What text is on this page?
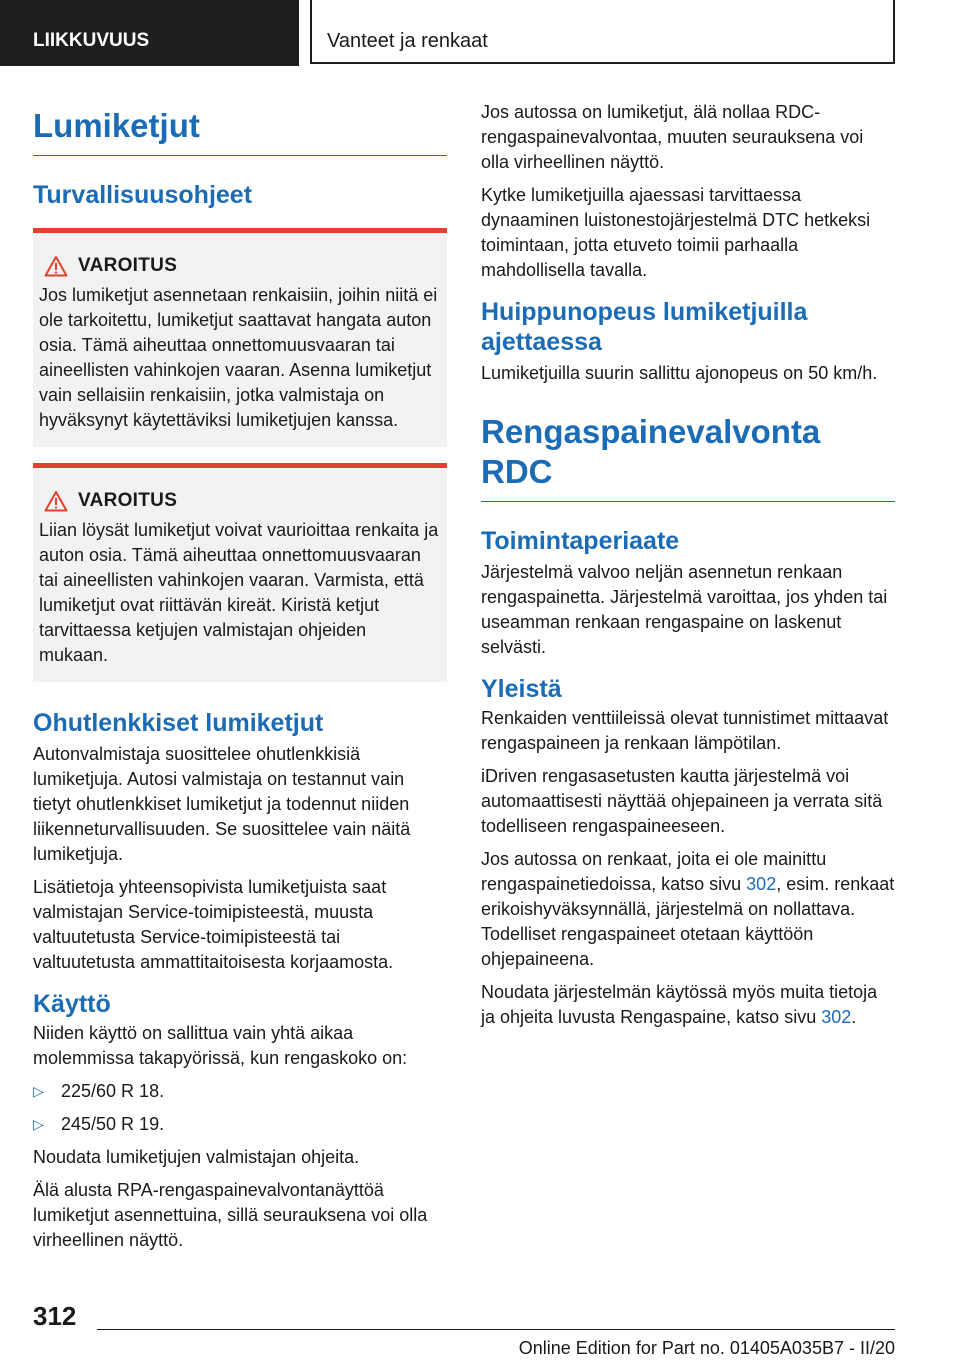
LIIKKUVUUS	Vanteet ja renkaat
Lumiketjut
Turvallisuusohjeet
VAROITUS

Jos lumiketjut asennetaan renkaisiin, joihin niitä ei ole tarkoitettu, lumiketjut saattavat hangata auton osia. Tämä aiheuttaa onnettomuusvaaran tai aineellisten vahinkojen vaaran. Asenna lumiketjut vain sellaisiin renkaisiin, jotka valmistaja on hyväksynyt käytettäviksi lumiketjujen kanssa.

VAROITUS

Liian löysät lumiketjut voivat vaurioittaa renkaita ja auton osia. Tämä aiheuttaa onnettomuusvaaran tai aineellisten vahinkojen vaaran. Varmista, että lumiketjut ovat riittävän kireät. Kiristä ketjut tarvittaessa ketjujen valmistajan ohjeiden mukaan.

Ohutlenkkiset lumiketjut

Autonvalmistaja suosittelee ohutlenkkisiä lumiketjuja. Autosi valmistaja on testannut vain tietyt ohutlenkkiset lumiketjut ja todennut niiden liikenneturvallisuuden. Se suosittelee vain näitä lumiketjuja.

Lisätietoja yhteensopivista lumiketjuista saat valmistajan Service-toimipisteestä, muusta valtuutetusta Service-toimipisteestä tai valtuutetusta ammattitaitoisesta korjaamosta.

Käyttö

Niiden käyttö on sallittua vain yhtä aikaa molemmissa takapyörissä, kun rengaskoko on:

▷ 225/60 R 18.
▷ 245/50 R 19.

Noudata lumiketjujen valmistajan ohjeita.

Älä alusta RPA-rengaspainevalvontanäyttöä lumiketjut asennettuina, sillä seurauksena voi olla virheellinen näyttö.

Jos autossa on lumiketjut, älä nollaa RDC-rengaspainevalvontaa, muuten seurauksena voi olla virheellinen näyttö.

Kytke lumiketjuilla ajaessasi tarvittaessa dynaaminen luistonestojärjestelmä DTC hetkeksi toimintaan, jotta etuveto toimii parhaalla mahdollisella tavalla.

Huippunopeus lumiketjuilla ajettaessa

Lumiketjuilla suurin sallittu ajonopeus on 50 km/h.

Rengaspainevalvonta RDC
Toimintaperiaate

Järjestelmä valvoo neljän asennetun renkaan rengaspainetta. Järjestelmä varoittaa, jos yhden tai useamman renkaan rengaspaine on laskenut selvästi.

Yleistä

Renkaiden venttiileissä olevat tunnistimet mittaavat rengaspaineen ja renkaan lämpötilan.

iDriven rengasasetusten kautta järjestelmä voi automaattisesti näyttää ohjepaineen ja verrata sitä todelliseen rengaspaineeseen.

Jos autossa on renkaat, joita ei ole mainittu rengaspainetiedoissa, katso sivu 302, esim. renkaat erikoishyväksynnällä, järjestelmä on nollattava. Todelliset rengaspaineet otetaan käyttöön ohjepaineena.

Noudata järjestelmän käytössä myös muita tietoja ja ohjeita luvusta Rengaspaine, katso sivu 302.

312
Online Edition for Part no. 01405A035B7 - II/20
